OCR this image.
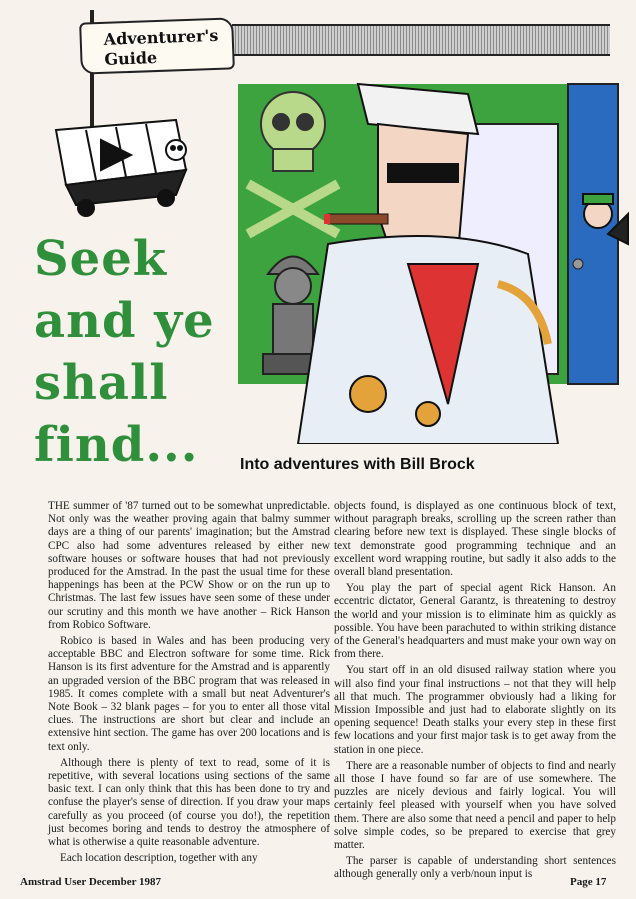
Adventurer's
Guide
Seek
and ye
shall
find...	Into adventures with Bill Brock

THE summer of '87 turned out to be somewhat unpredictable. Not only was the weather proving again that balmy summer days are a thing of our parents' imagination; but the Amstrad CPC also had some adventures released by either new software houses or software houses that had not previously produced for the Amstrad. In the past the usual time for these happenings has been at the PCW Show or on the run up to Christmas. The last few issues have seen some of these under our scrutiny and this month we have another – Rick Hanson from Robico Software.

Robico is based in Wales and has been producing very acceptable BBC and Electron software for some time. Rick Hanson is its first adventure for the Amstrad and is apparently an upgraded version of the BBC program that was released in 1985. It comes complete with a small but neat Adventurer's Note Book – 32 blank pages – for you to enter all those vital clues. The instructions are short but clear and include an extensive hint section. The game has over 200 locations and is text only.

Although there is plenty of text to read, some of it is repetitive, with several locations using sections of the same basic text. I can only think that this has been done to try and confuse the player's sense of direction. If you draw your maps carefully as you proceed (of course you do!), the repetition just becomes boring and tends to destroy the atmosphere of what is otherwise a quite reasonable adventure.

Each location description, together with any

objects found, is displayed as one continuous block of text, without paragraph breaks, scrolling up the screen rather than clearing before new text is displayed. These single blocks of text demonstrate good programming technique and an excellent word wrapping routine, but sadly it also adds to the overall bland presentation.

You play the part of special agent Rick Hanson. An eccentric dictator, General Garantz, is threatening to destroy the world and your mission is to eliminate him as quickly as possible. You have been parachuted to within striking distance of the General's headquarters and must make your own way on from there.

You start off in an old disused railway station where you will also find your final instructions – not that they will help all that much. The programmer obviously had a liking for Mission Impossible and just had to elaborate slightly on its opening sequence! Death stalks your every step in these first few locations and your first major task is to get away from the station in one piece.

There are a reasonable number of objects to find and nearly all those I have found so far are of use somewhere. The puzzles are nicely devious and fairly logical. You will certainly feel pleased with yourself when you have solved them. There are also some that need a pencil and paper to help solve simple codes, so be prepared to exercise that grey matter.

The parser is capable of understanding short sentences although generally only a verb/noun input is

Amstrad User December 1987	Page 17
